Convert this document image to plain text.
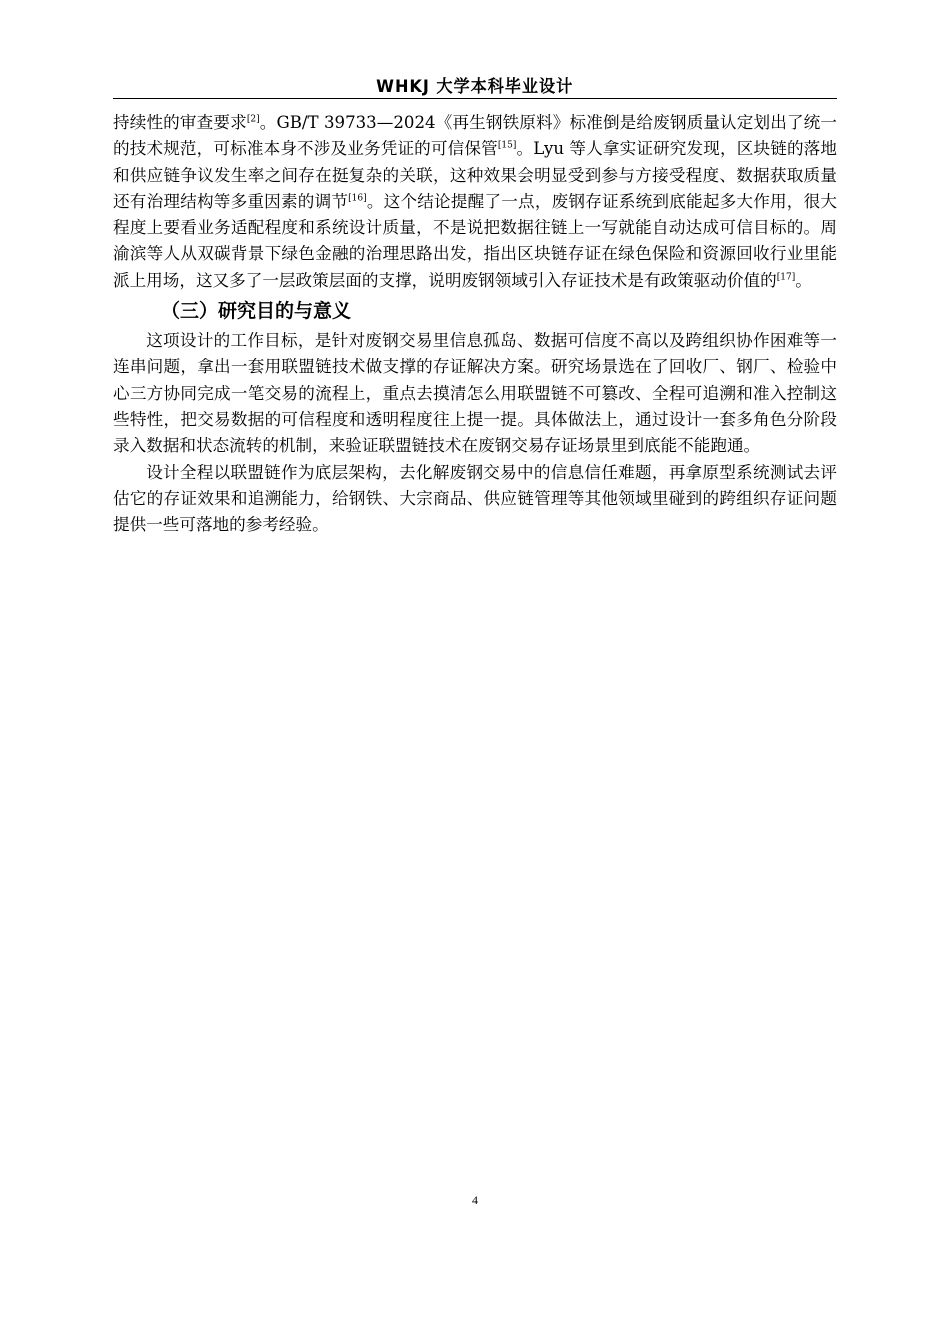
WHKJ 大学本科毕业设计

持续性的审查要求[2]。GB/T 39733—2024《再生钢铁原料》标准倒是给废钢质量认定划出了统一的技术规范，可标准本身不涉及业务凭证的可信保管[15]。Lyu 等人拿实证研究发现，区块链的落地和供应链争议发生率之间存在挺复杂的关联，这种效果会明显受到参与方接受程度、数据获取质量还有治理结构等多重因素的调节[16]。这个结论提醒了一点，废钢存证系统到底能起多大作用，很大程度上要看业务适配程度和系统设计质量，不是说把数据往链上一写就能自动达成可信目标的。周渝滨等人从双碳背景下绿色金融的治理思路出发，指出区块链存证在绿色保险和资源回收行业里能派上用场，这又多了一层政策层面的支撑，说明废钢领域引入存证技术是有政策驱动价值的[17]。

（三）研究目的与意义

这项设计的工作目标，是针对废钢交易里信息孤岛、数据可信度不高以及跨组织协作困难等一连串问题，拿出一套用联盟链技术做支撑的存证解决方案。研究场景选在了回收厂、钢厂、检验中心三方协同完成一笔交易的流程上，重点去摸清怎么用联盟链不可篡改、全程可追溯和准入控制这些特性，把交易数据的可信程度和透明程度往上提一提。具体做法上，通过设计一套多角色分阶段录入数据和状态流转的机制，来验证联盟链技术在废钢交易存证场景里到底能不能跑通。

设计全程以联盟链作为底层架构，去化解废钢交易中的信息信任难题，再拿原型系统测试去评估它的存证效果和追溯能力，给钢铁、大宗商品、供应链管理等其他领域里碰到的跨组织存证问题提供一些可落地的参考经验。

4
